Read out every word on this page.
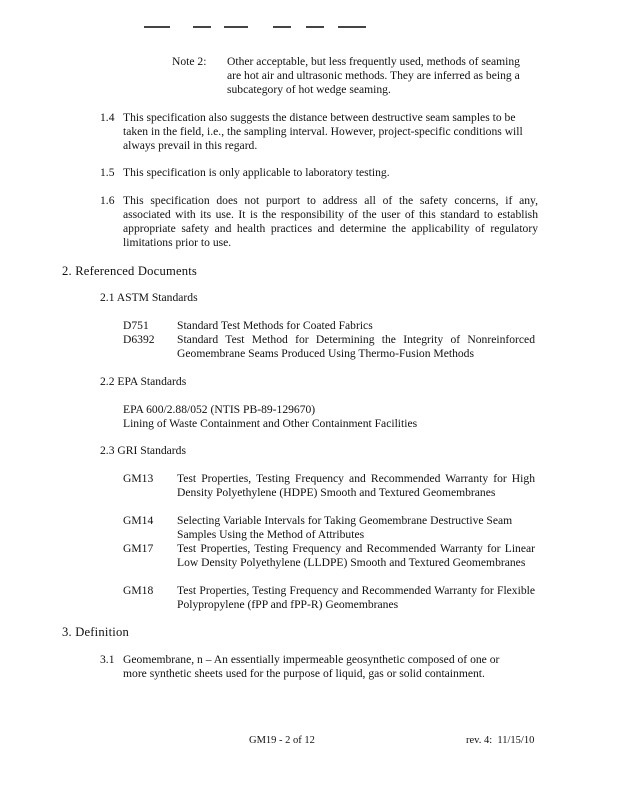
Note 2: Other acceptable, but less frequently used, methods of seaming are hot air and ultrasonic methods. They are inferred as being a subcategory of hot wedge seaming.
1.4 This specification also suggests the distance between destructive seam samples to be taken in the field, i.e., the sampling interval. However, project-specific conditions will always prevail in this regard.
1.5 This specification is only applicable to laboratory testing.
1.6 This specification does not purport to address all of the safety concerns, if any, associated with its use. It is the responsibility of the user of this standard to establish appropriate safety and health practices and determine the applicability of regulatory limitations prior to use.
2. Referenced Documents
2.1 ASTM Standards
D751 Standard Test Methods for Coated Fabrics
D6392 Standard Test Method for Determining the Integrity of Nonreinforced Geomembrane Seams Produced Using Thermo-Fusion Methods
2.2 EPA Standards
EPA 600/2.88/052 (NTIS PB-89-129670)
Lining of Waste Containment and Other Containment Facilities
2.3 GRI Standards
GM13 Test Properties, Testing Frequency and Recommended Warranty for High Density Polyethylene (HDPE) Smooth and Textured Geomembranes
GM14 Selecting Variable Intervals for Taking Geomembrane Destructive Seam Samples Using the Method of Attributes
GM17 Test Properties, Testing Frequency and Recommended Warranty for Linear Low Density Polyethylene (LLDPE) Smooth and Textured Geomembranes
GM18 Test Properties, Testing Frequency and Recommended Warranty for Flexible Polypropylene (fPP and fPP-R) Geomembranes
3. Definition
3.1 Geomembrane, n – An essentially impermeable geosynthetic composed of one or more synthetic sheets used for the purpose of liquid, gas or solid containment.
GM19 - 2 of 12	rev. 4:  11/15/10
